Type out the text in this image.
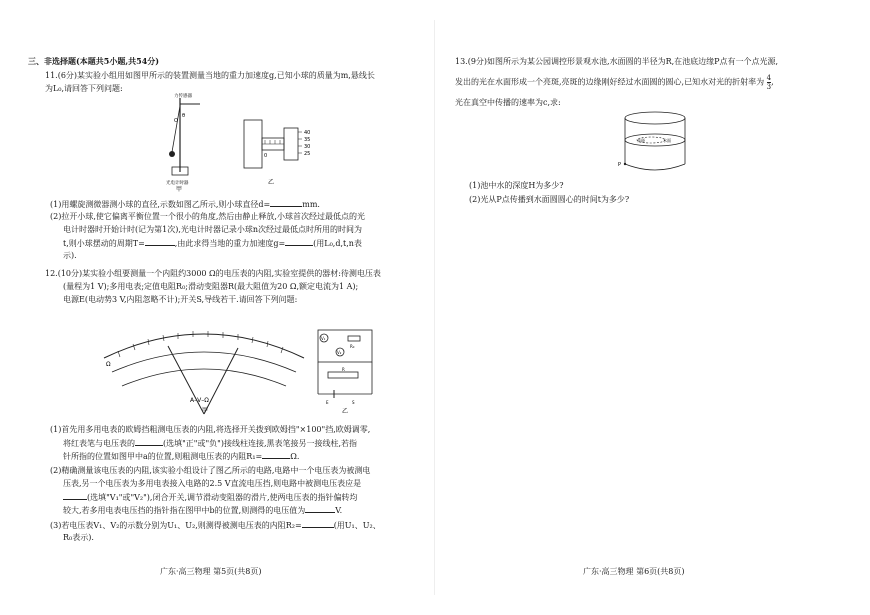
三、非选择题(本题共5小题,共54分)
11.(6分)某实验小组用如图甲所示的装置测量当地的重力加速度g,已知小球的质量为m,悬线长
为L₀,请回答下列问题:
力传感器
θ
O
光电计时器
甲
40
35
30
25
0
乙
(1)用螺旋测微器测小球的直径,示数如图乙所示,则小球直径d=	mm.
(2)拉开小球,使它偏离平衡位置一个很小的角度,然后由静止释放,小球首次经过最低点的光
电计时器时开始计时(记为第1次),光电计时器记录小球n次经过最低点时所用的时间为
t,则小球摆动的周期T=	,由此求得当地的重力加速度g=	(用L₀,d,t,n表
示).
12.(10分)某实验小组要测量一个内阻约3000 Ω的电压表的内阻,实验室提供的器材:待测电压表
(量程为1 V);多用电表;定值电阻R₀;滑动变阻器R(最大阻值为20 Ω,额定电流为1 A);
电源E(电动势3 V,内阻忽略不计);开关S,导线若干.请回答下列问题:
Ω
A–V–Ω
甲
V₁
V₂
R₀
R
E	S
乙
(1)首先用多用电表的欧姆挡粗测电压表的内阻,将选择开关拨到欧姆挡"×100"挡,欧姆调零,
将红表笔与电压表的	(选填"正"或"负")接线柱连接,黑表笔接另一接线柱,若指
针所指的位置如图甲中a的位置,则粗测电压表的内阻R₁=	Ω.
(2)精确测量该电压表的内阻,该实验小组设计了图乙所示的电路,电路中一个电压表为被测电
压表,另一个电压表为多用电表接入电路的2.5 V直流电压挡,则电路中被测电压表应是
(选填"V₁"或"V₂"),闭合开关,调节滑动变阻器的滑片,使两电压表的指针偏转均
较大,若多用电表电压挡的指针指在图甲中b的位置,则测得的电压值为	V.
(3)若电压表V₁、V₂的示数分别为U₁、U₂,则测得被测电压表的内阻R₂=	(用U₁、U₂、
R₀表示).
广东·高三物理 第5页(共8页)
13.(9分)如图所示为某公园调控形景观水池,水面圆的半径为R,在池底边缘P点有一个点光源,
发出的光在水面形成一个亮斑,亮斑的边缘刚好经过水面圆的圆心,已知水对光的折射率为 $\frac{4}{3}$ ,
光在真空中传播的速率为c,求:
亮斑	水面
P
(1)池中水的深度H为多少?
(2)光从P点传播到水面圆圆心的时间t为多少?
广东·高三物理 第6页(共8页)
